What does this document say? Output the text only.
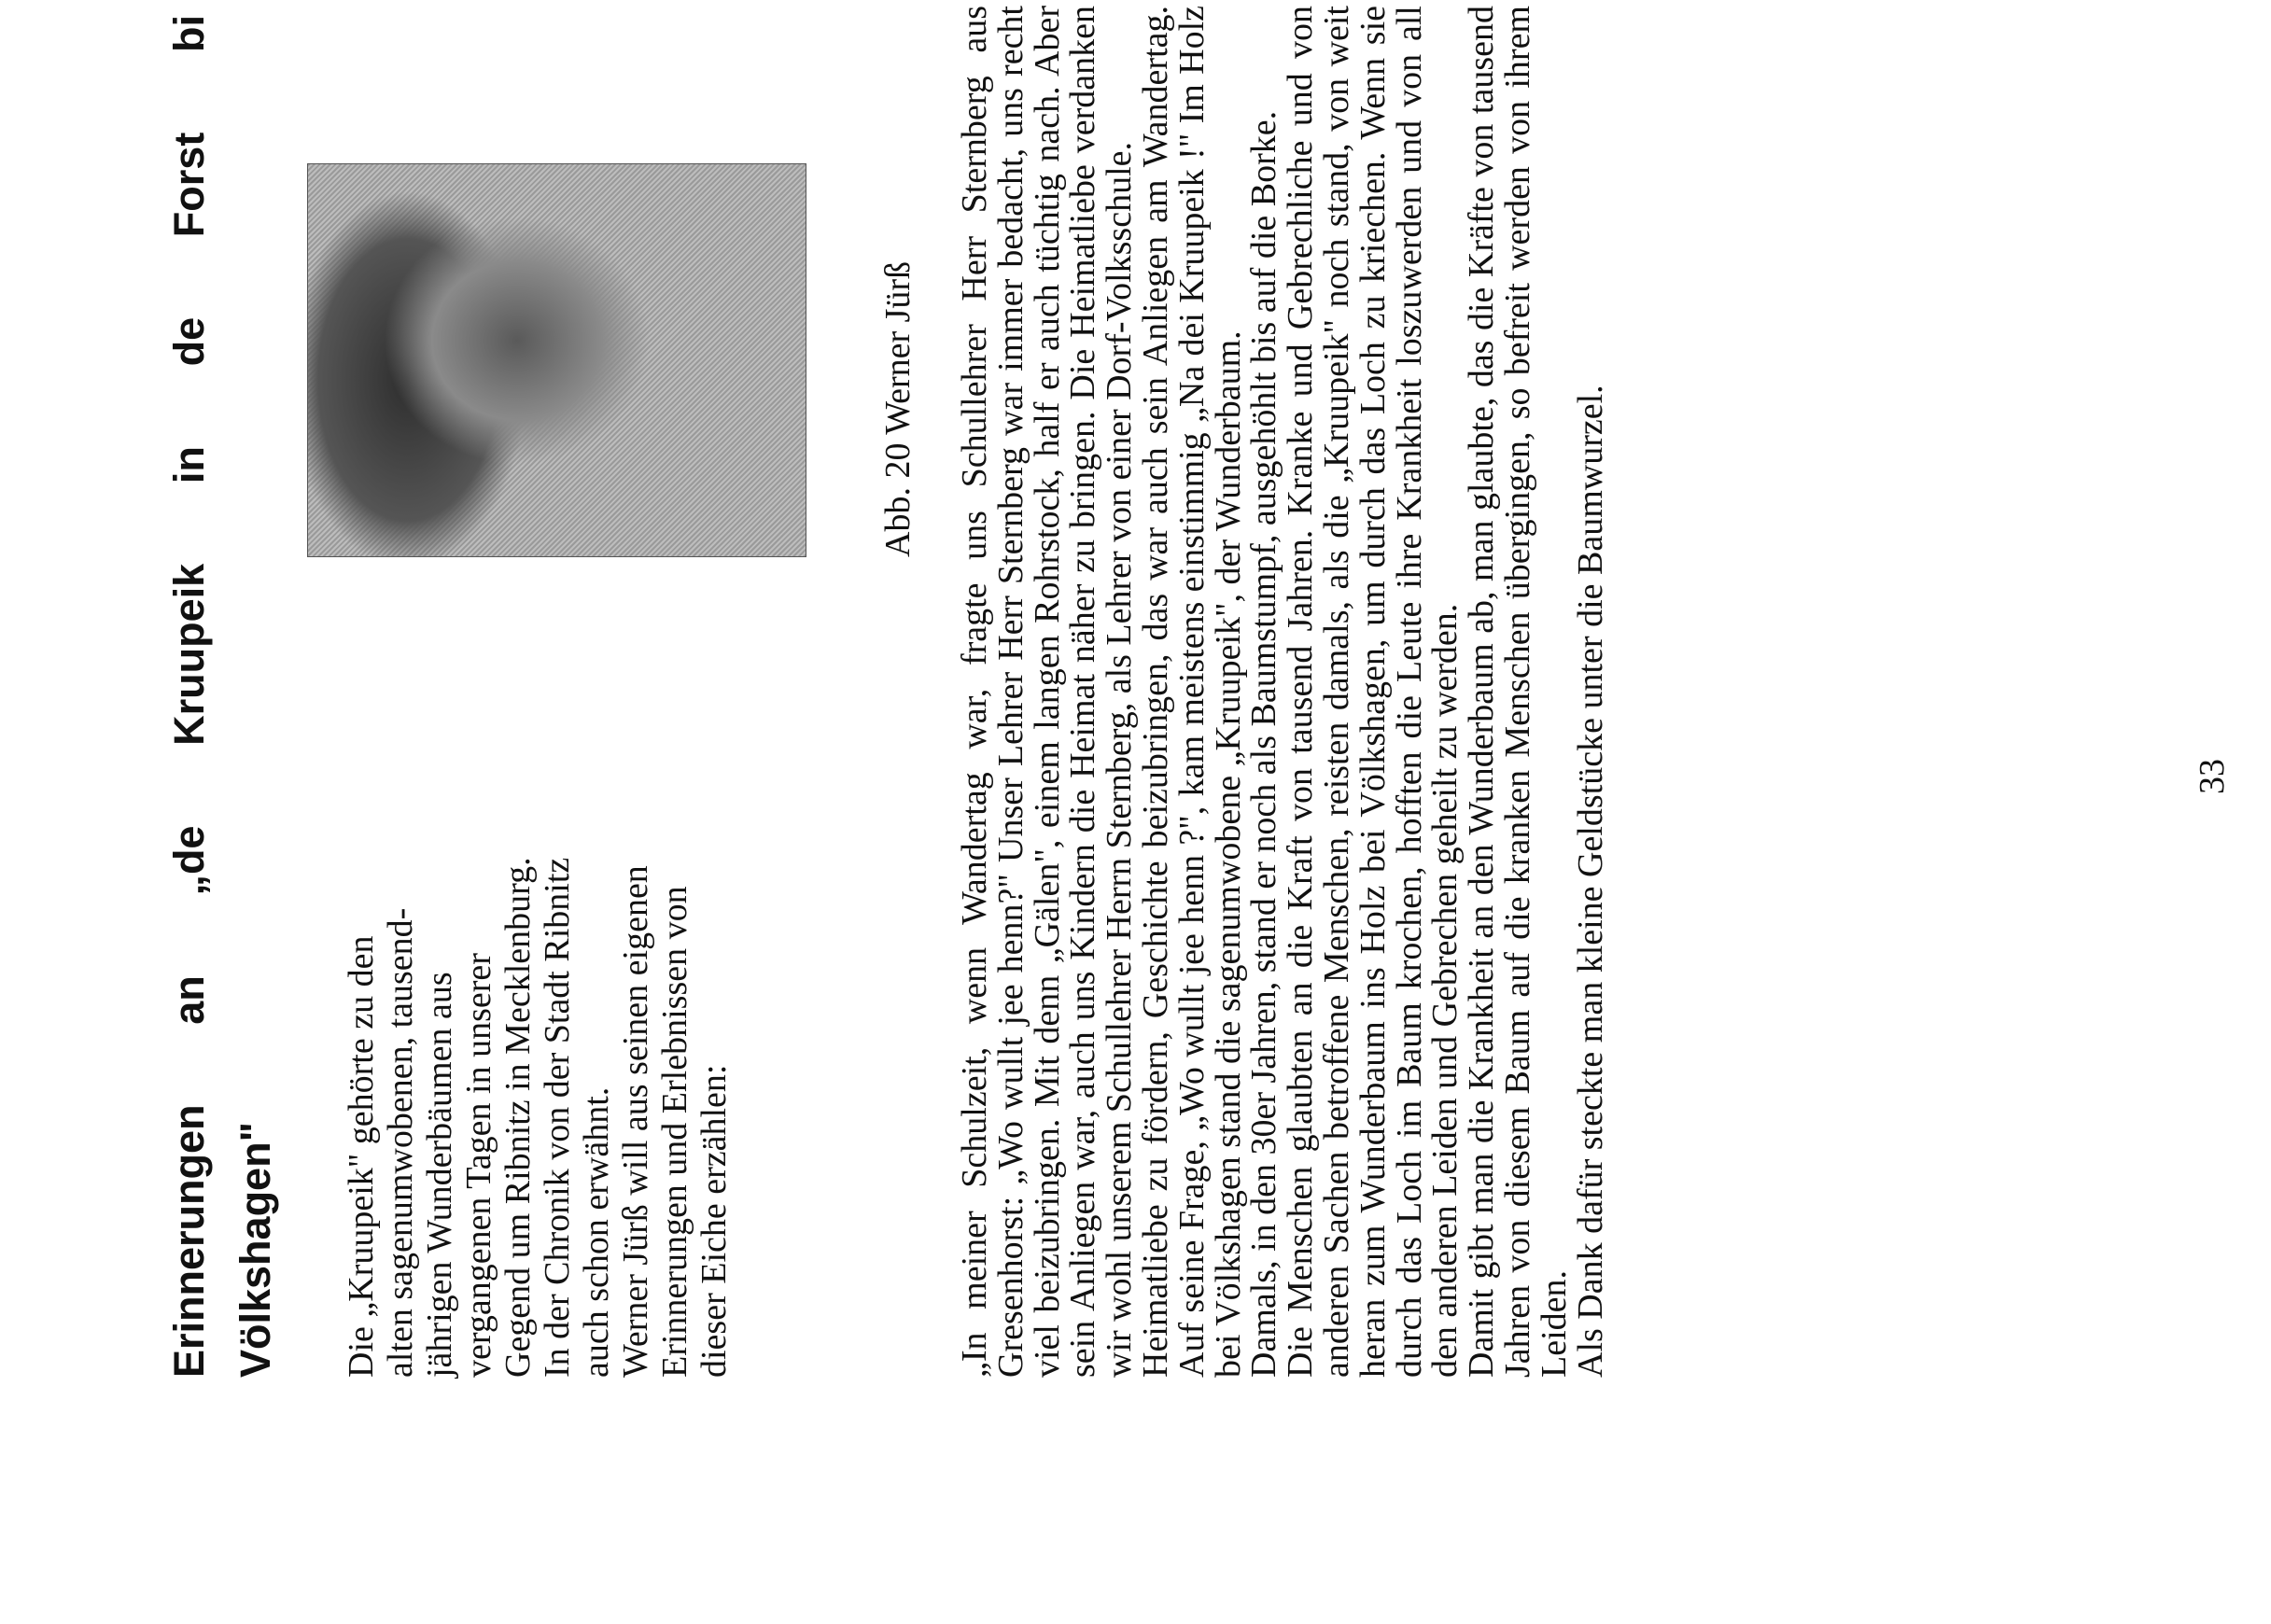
Erinnerungen an „de Kruupeik in de Forst bi Völkshagen" Die „Kruupeik" gehörte zu den alten sagenumwobenen, tausend- jährigen Wunderbäumen aus vergangenen Tagen in unserer Gegend um Ribnitz in Mecklenburg. In der Chronik von der Stadt Ribnitz auch schon erwähnt. Werner Jürß will aus seinen eigenen Erinnerungen und Erlebnissen von dieser Eiche erzählen:

Abb. 20 Werner Jürß „In meiner Schulzeit, wenn Wandertag war, fragte uns Schullehrer Herr Sternberg aus Gresenhorst: „Wo wullt jee henn?" Unser Lehrer Herr Sternberg war immer bedacht, uns recht viel beizubringen. Mit denn „Gälen", einem langen Rohrstock, half er auch tüchtig nach. Aber sein Anliegen war, auch uns Kindern die Heimat näher zu bringen. Die Heimatliebe verdanken wir wohl unserem Schullehrer Herrn Sternberg, als Lehrer von einer Dorf-Volksschule.

Heimatliebe zu fördern, Geschichte beizubringen, das war auch sein Anliegen am Wandertag. Auf seine Frage, „Wo wullt jee henn ?", kam meistens einstimmig „Na dei Kruupeik !" Im Holz bei Völkshagen stand die sagenumwobene „Kruupeik", der Wunderbaum.

Damals, in den 30er Jahren, stand er noch als Baumstumpf, ausgehöhlt bis auf die Borke.

Die Menschen glaubten an die Kraft von tausend Jahren. Kranke und Gebrechliche und von anderen Sachen betroffene Menschen, reisten damals, als die „Kruupeik" noch stand, von weit heran zum Wunderbaum ins Holz bei Völkshagen, um durch das Loch zu kriechen. Wenn sie durch das Loch im Baum krochen, hofften die Leute ihre Krankheit loszuwerden und von all den anderen Leiden und Gebrechen geheilt zu werden.

Damit gibt man die Krankheit an den Wunderbaum ab, man glaubte, das die Kräfte von tausend Jahren von diesem Baum auf die kranken Menschen übergingen, so befreit werden von ihrem Leiden.

Als Dank dafür steckte man kleine Geldstücke unter die Baumwurzel.	33
